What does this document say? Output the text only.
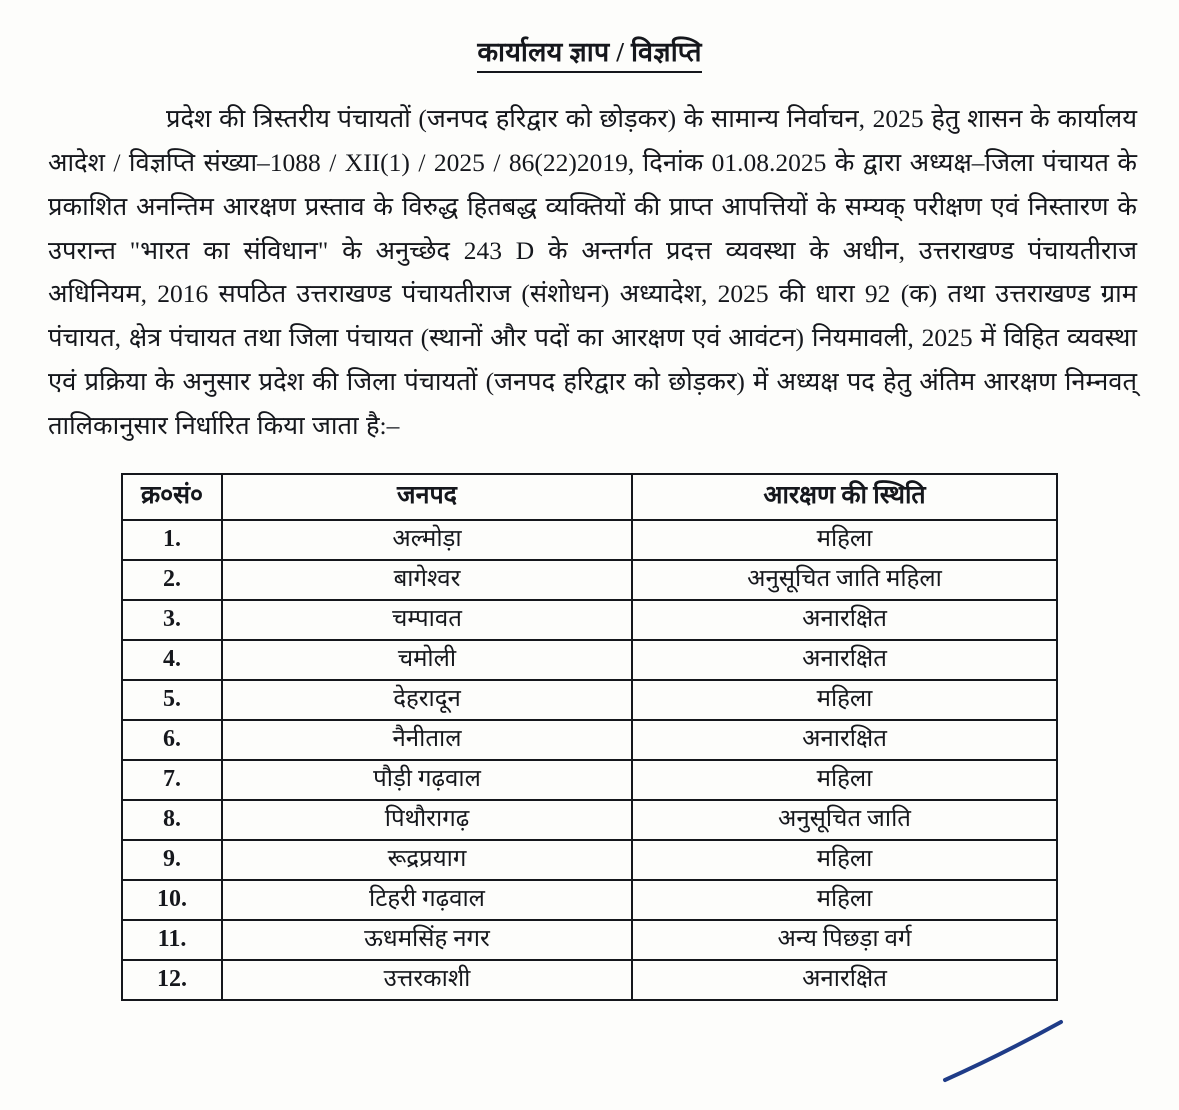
कार्यालय ज्ञाप / विज्ञप्ति

प्रदेश की त्रिस्तरीय पंचायतों (जनपद हरिद्वार को छोड़कर) के सामान्य निर्वाचन, 2025 हेतु शासन के कार्यालय आदेश / विज्ञप्ति संख्या–1088 / XII(1) / 2025 / 86(22)2019, दिनांक 01.08.2025 के द्वारा अध्यक्ष–जिला पंचायत के प्रकाशित अनन्तिम आरक्षण प्रस्ताव के विरुद्ध हितबद्ध व्यक्तियों की प्राप्त आपत्तियों के सम्यक् परीक्षण एवं निस्तारण के उपरान्त "भारत का संविधान" के अनुच्छेद 243 D के अन्तर्गत प्रदत्त व्यवस्था के अधीन, उत्तराखण्ड पंचायतीराज अधिनियम, 2016 सपठित उत्तराखण्ड पंचायतीराज (संशोधन) अध्यादेश, 2025 की धारा 92 (क) तथा उत्तराखण्ड ग्राम पंचायत, क्षेत्र पंचायत तथा जिला पंचायत (स्थानों और पदों का आरक्षण एवं आवंटन) नियमावली, 2025 में विहित व्यवस्था एवं प्रक्रिया के अनुसार प्रदेश की जिला पंचायतों (जनपद हरिद्वार को छोड़कर) में अध्यक्ष पद हेतु अंतिम आरक्षण निम्नवत् तालिकानुसार निर्धारित किया जाता है:–

क्र०सं०	जनपद	आरक्षण की स्थिति
1.	अल्मोड़ा	महिला
2.	बागेश्वर	अनुसूचित जाति महिला
3.	चम्पावत	अनारक्षित
4.	चमोली	अनारक्षित
5.	देहरादून	महिला
6.	नैनीताल	अनारक्षित
7.	पौड़ी गढ़वाल	महिला
8.	पिथौरागढ़	अनुसूचित जाति
9.	रूद्रप्रयाग	महिला
10.	टिहरी गढ़वाल	महिला
11.	ऊधमसिंह नगर	अन्य पिछड़ा वर्ग
12.	उत्तरकाशी	अनारक्षित
